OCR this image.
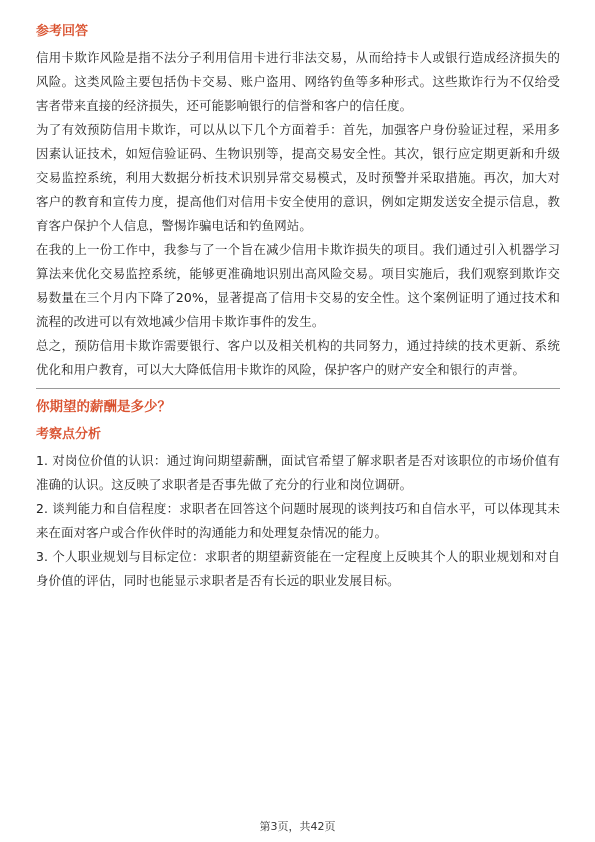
参考回答

信用卡欺诈风险是指不法分子利用信用卡进行非法交易，从而给持卡人或银行造成经济损失的风险。这类风险主要包括伪卡交易、账户盗用、网络钓鱼等多种形式。这些欺诈行为不仅给受害者带来直接的经济损失，还可能影响银行的信誉和客户的信任度。

为了有效预防信用卡欺诈，可以从以下几个方面着手：首先，加强客户身份验证过程，采用多因素认证技术，如短信验证码、生物识别等，提高交易安全性。其次，银行应定期更新和升级交易监控系统，利用大数据分析技术识别异常交易模式，及时预警并采取措施。再次，加大对客户的教育和宣传力度，提高他们对信用卡安全使用的意识，例如定期发送安全提示信息，教育客户保护个人信息，警惕诈骗电话和钓鱼网站。

在我的上一份工作中，我参与了一个旨在减少信用卡欺诈损失的项目。我们通过引入机器学习算法来优化交易监控系统，能够更准确地识别出高风险交易。项目实施后，我们观察到欺诈交易数量在三个月内下降了20%，显著提高了信用卡交易的安全性。这个案例证明了通过技术和流程的改进可以有效地减少信用卡欺诈事件的发生。

总之，预防信用卡欺诈需要银行、客户以及相关机构的共同努力，通过持续的技术更新、系统优化和用户教育，可以大大降低信用卡欺诈的风险，保护客户的财产安全和银行的声誉。

你期望的薪酬是多少？
考察点分析

1. 对岗位价值的认识：通过询问期望薪酬，面试官希望了解求职者是否对该职位的市场价值有准确的认识。这反映了求职者是否事先做了充分的行业和岗位调研。

2. 谈判能力和自信程度：求职者在回答这个问题时展现的谈判技巧和自信水平，可以体现其未来在面对客户或合作伙伴时的沟通能力和处理复杂情况的能力。

3. 个人职业规划与目标定位：求职者的期望薪资能在一定程度上反映其个人的职业规划和对自身价值的评估，同时也能显示求职者是否有长远的职业发展目标。

第3页，共42页
